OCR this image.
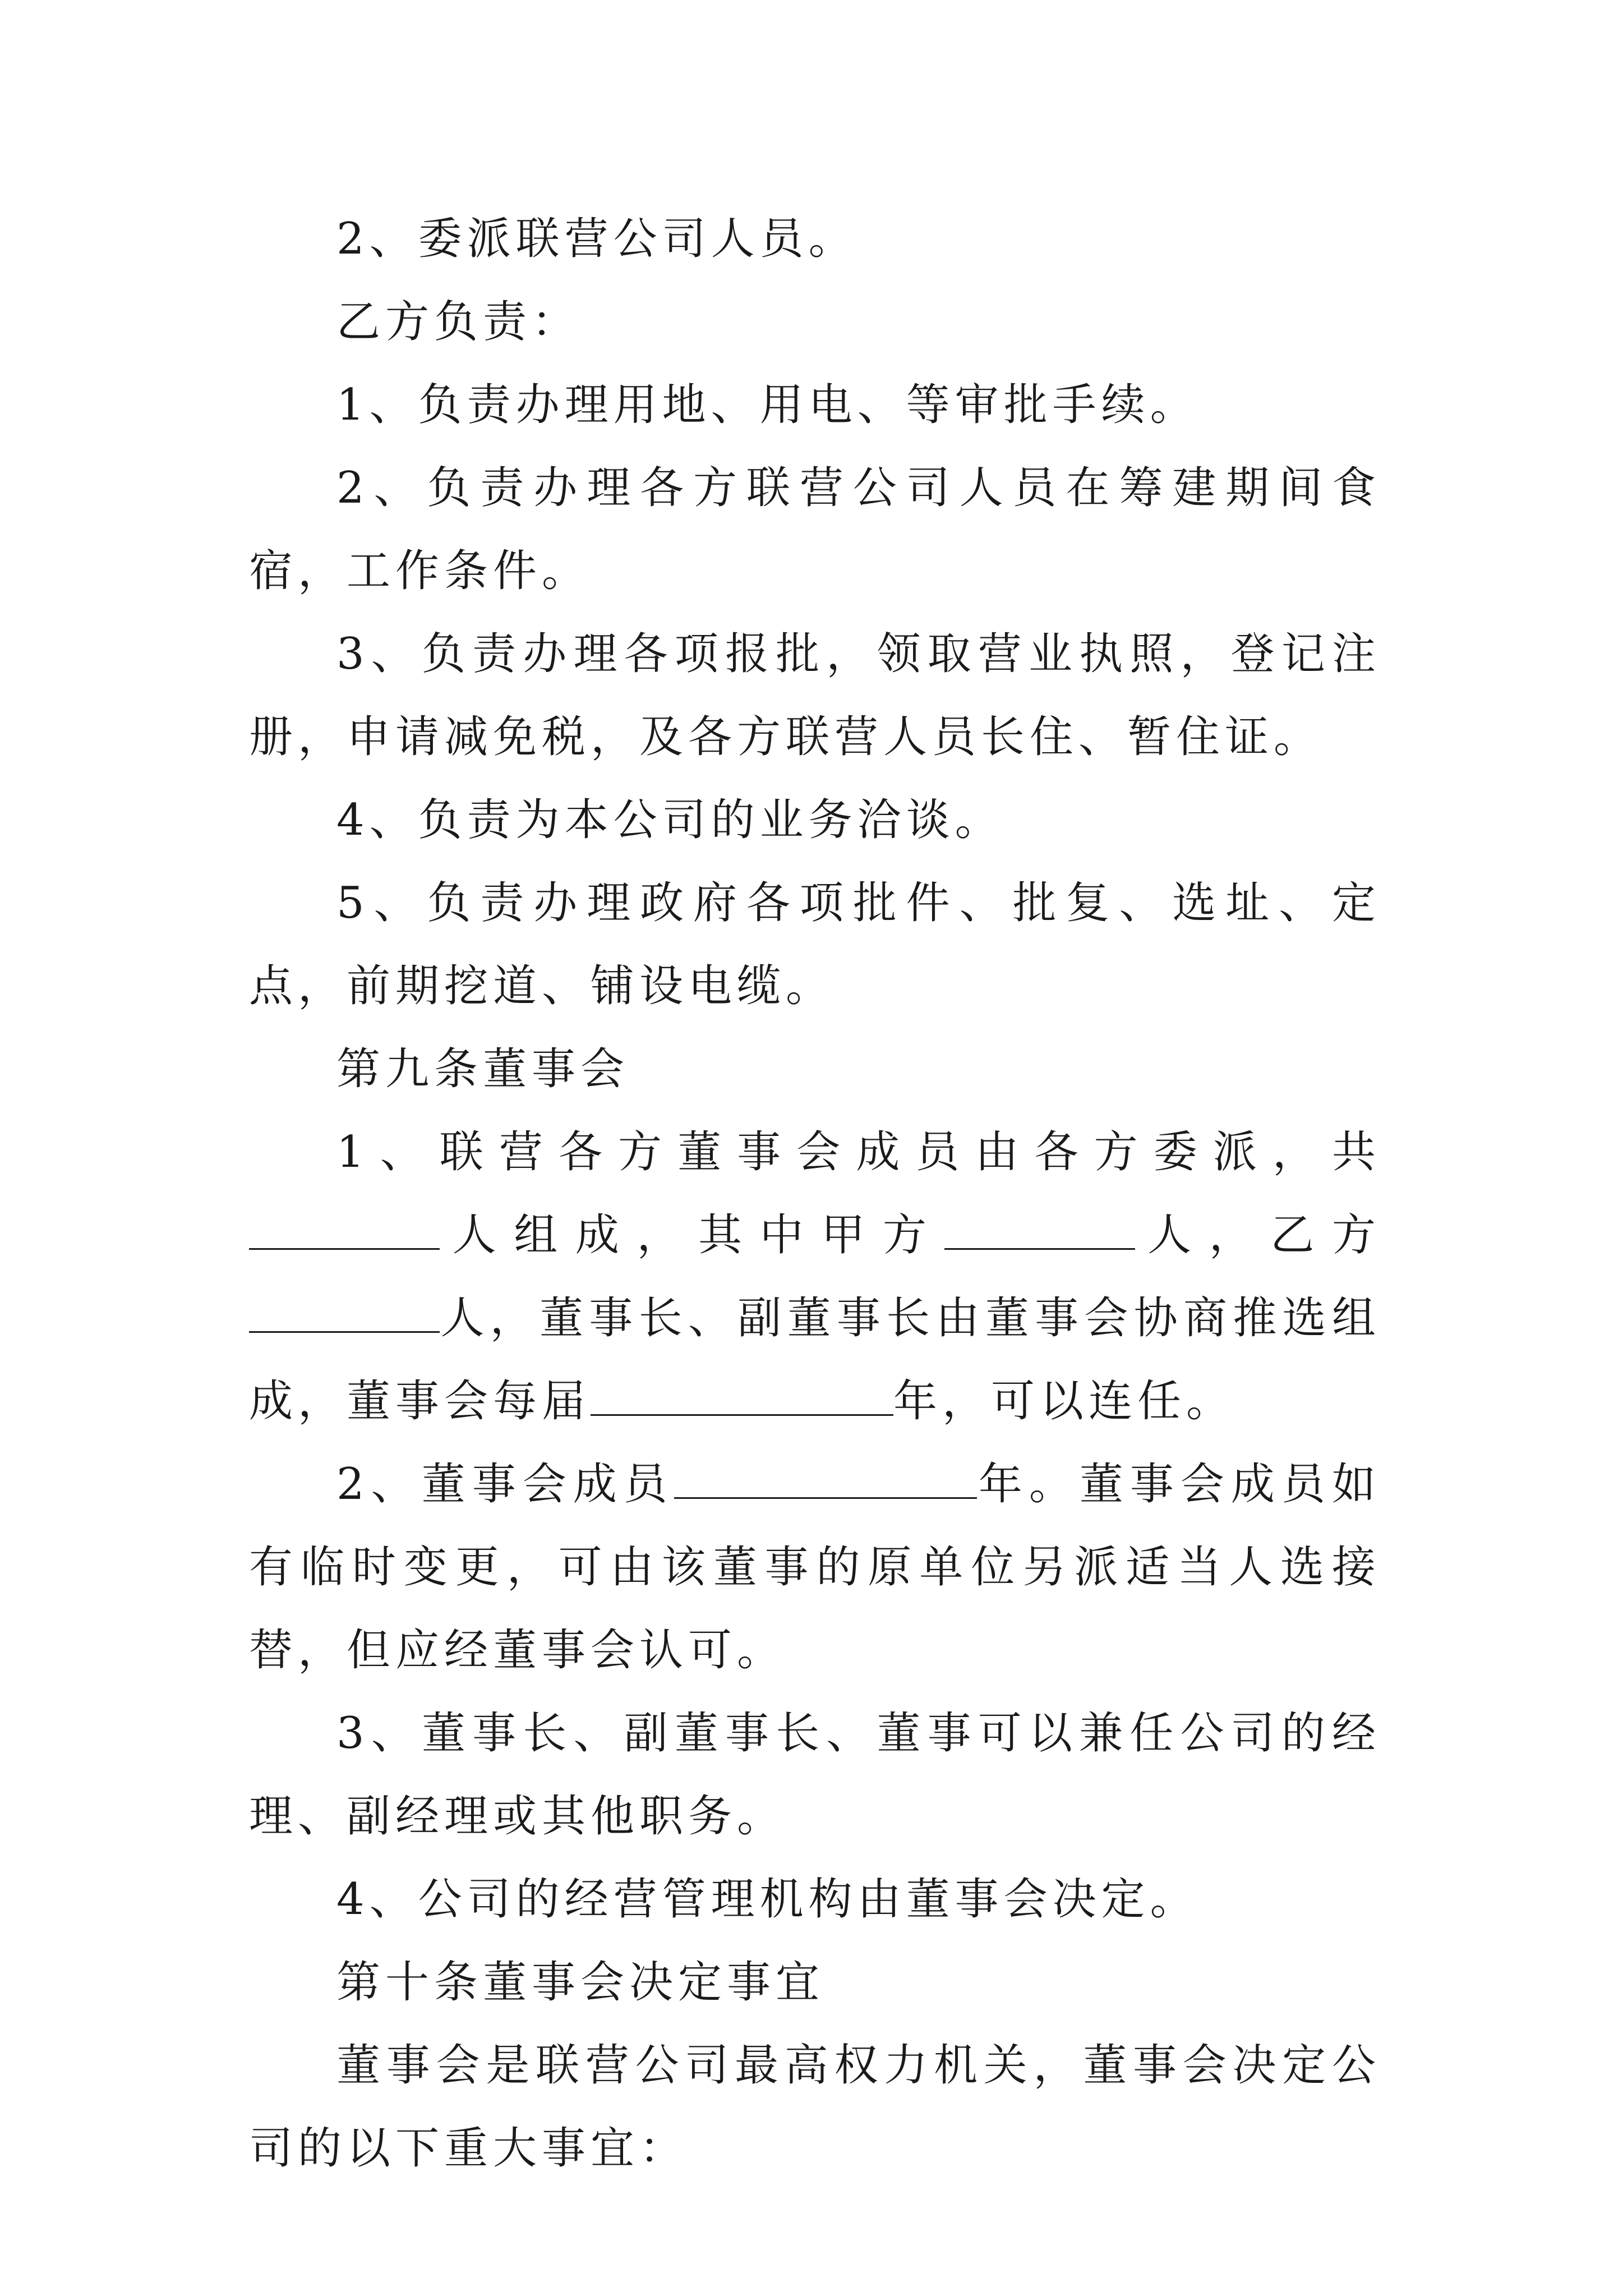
2、委派联营公司人员。

乙方负责：

1、负责办理用地、用电、等审批手续。

2、负责办理各方联营公司人员在筹建期间食宿，工作条件。

3、负责办理各项报批，领取营业执照，登记注册，申请减免税，及各方联营人员长住、暂住证。

4、负责为本公司的业务洽谈。

5、负责办理政府各项批件、批复、选址、定点，前期挖道、铺设电缆。

第九条董事会

1、联营各方董事会成员由各方委派，共人组成，其中甲方	人，乙方人，董事长、副董事长由董事会协商推选组成，董事会每届	年，可以连任。

2、董事会成员	年。董事会成员如有临时变更，可由该董事的原单位另派适当人选接替，但应经董事会认可。

3、董事长、副董事长、董事可以兼任公司的经理、副经理或其他职务。

4、公司的经营管理机构由董事会决定。

第十条董事会决定事宜

董事会是联营公司最高权力机关，董事会决定公司的以下重大事宜：
